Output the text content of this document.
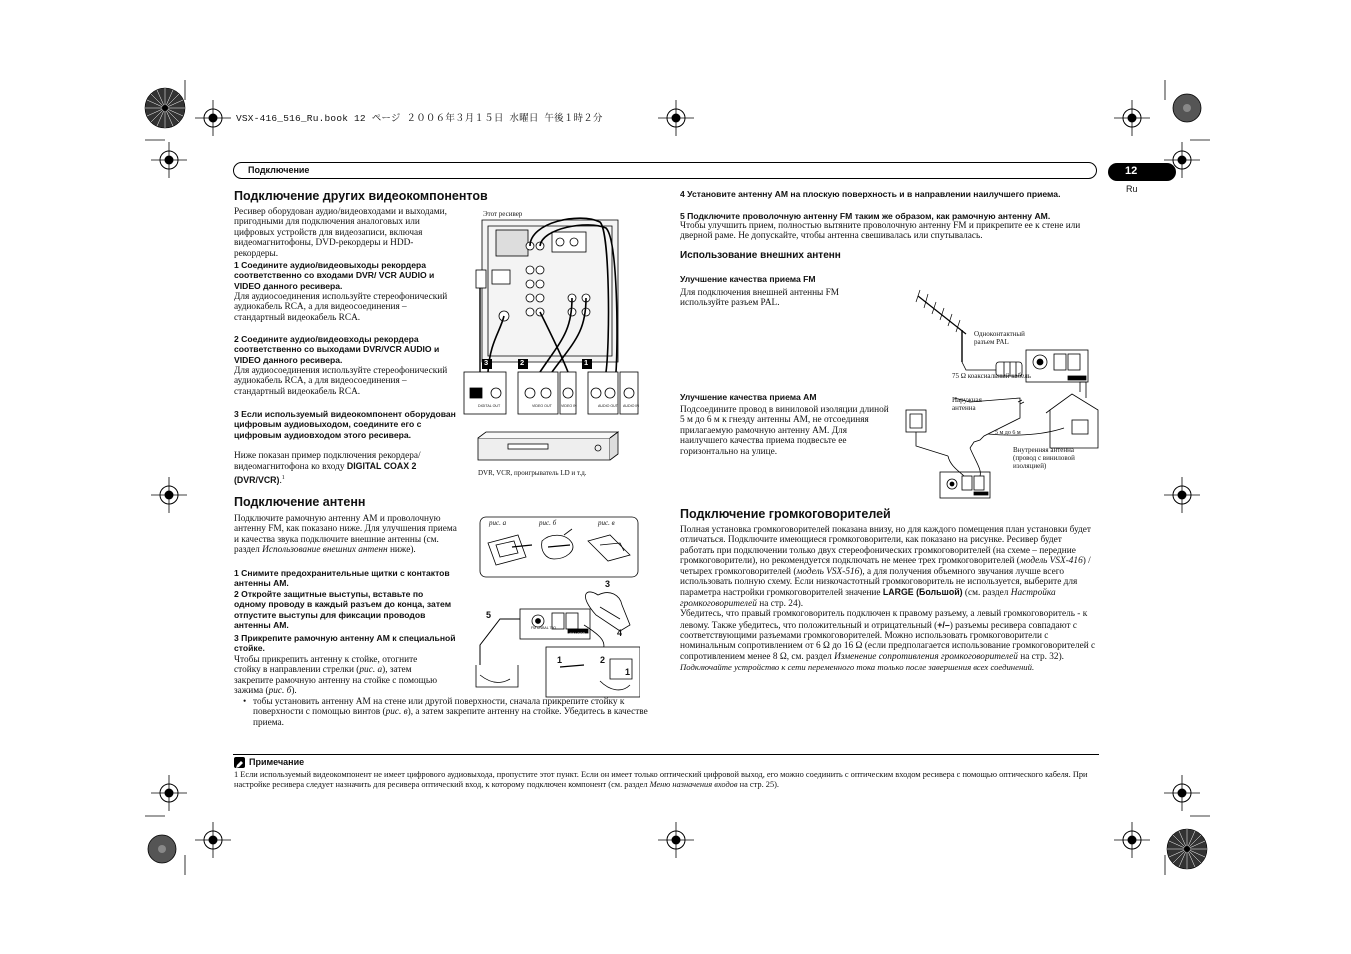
VSX-416_516_Ru.book 12 ページ ２００６年３月１５日 水曜日 午後１時２分
Подключение	12
Ru
Подключение других видеокомпонентов

Ресивер оборудован аудио/видеовходами и выходами, пригодными для подключения аналоговых или цифровых устройств для видеозаписи, включая видеомагнитофоны, DVD-рекордеры и HDD-рекордеры.

1 Соедините аудио/видеовыходы рекордера соответственно со входами DVR/ VCR AUDIO и VIDEO данного ресивера.

Для аудиосоединения используйте стереофонический аудиокабель RCA, а для видеосоединения – стандартный видеокабель RCA.

2 Соедините аудио/видеовходы рекордера соответственно со выходами DVR/VCR AUDIO и VIDEO данного ресивера.

Для аудиосоединения используйте стереофонический аудиокабель RCA, а для видеосоединения – стандартный видеокабель RCA.

3 Если используемый видеокомпонент оборудован цифровым аудиовыходом, соедините его с цифровым аудиовходом этого ресивера.

Ниже показан пример подключения рекордера/ видеомагнитофона ко входу DIGITAL COAX 2 (DVR/VCR).$^1$

Этот ресивер
3	2	1
DIGITAL OUT	VIDEO IN	AUDIO OUT
VIDEO OUT	AUDIO IN
DVR, VCR, проигрыватель LD и т.д.
Подключение антенн

Подключите рамочную антенну AM и проволочную антенну FM, как показано ниже. Для улучшения приема и качества звука подключите внешние антенны (см. раздел Использование внешних антенн ниже).

1 Снимите предохранительные щитки с контактов антенны AM.

2 Откройте защитные выступы, вставьте по одному проводу в каждый разъем до конца, затем отпустите выступы для фиксации проводов антенны AM.

3 Прикрепите рамочную антенну AM к специальной стойке.

Чтобы прикрепить антенну к стойке, отогните стойку в направлении стрелки (рис. а), затем закрепите рамочную антенну на стойке с помощью зажима (рис. б).

• тобы установить антенну AM на стене или другой поверхности, сначала прикрепите стойку к поверхности с помощью винтов (рис. в), а затем закрепите антенну на стойке. Убедитесь в качестве приема.

рис. а	рис. б	рис. в
3
5
4
1	2
1
FM UNBAL 75Ω
AM LOOP

4 Установите антенну AM на плоскую поверхность и в направлении наилучшего приема.

5 Подключите проволочную антенну FM таким же образом, как рамочную антенну AM.

Чтобы улучшить прием, полностью вытяните проволочную антенну FM и прикрепите ее к стене или дверной раме. Не допускайте, чтобы антенна свешивалась или спутывалась.

Использование внешних антенн
Улучшение качества приема FM

Для подключения внешней антенны FM используйте разъем PAL.

Улучшение качества приема AM

Подсоедините провод в виниловой изоляции длиной 5 м до 6 м к гнезду антенны AM, не отсоединяя прилагаемую рамочную антенну AM. Для наилучшего качества приема подвесьте ее горизонтально на улице.

Одноконтактный разъем PAL
75 Ω коаксиальный кабель
Наружная антенна
5 м до 6 м
Внутренняя антенна (провод с виниловой изоляцией)
Подключение громкоговорителей

Полная установка громкоговорителей показана внизу, но для каждого помещения план установки будет отличаться. Подключите имеющиеся громкоговорители, как показано на рисунке. Ресивер будет работать при подключении только двух стереофонических громкоговорителей (на схеме – передние громкоговорители), но рекомендуется подключать не менее трех громкоговорителей (модель VSX-416) / четырех громкоговорителей (модель VSX-516), а для получения объемного звучания лучше всего использовать полную схему. Если низкочастотный громкоговоритель не используется, выберите для параметра настройки громкоговорителей значение LARGE (Большой) (см. раздел Настройка громкоговорителей на стр. 24).

Убедитесь, что правый громкоговоритель подключен к правому разъему, а левый громкоговоритель - к левому. Также убедитесь, что положительный и отрицательный (+/–) разъемы ресивера совпадают с соответствующими разъемами громкоговорителей. Можно использовать громкоговорители с номинальным сопротивлением от 6 Ω до 16 Ω (если предполагается использование громкоговорителей с сопротивлением менее 8 Ω, см. раздел Изменение сопротивления громкоговорителей на стр. 32).

Подключайте устройство к сети переменного тока только после завершения всех соединений.

Примечание

1 Если используемый видеокомпонент не имеет цифрового аудиовыхода, пропустите этот пункт. Если он имеет только оптический цифровой выход, его можно соединить с оптическим входом ресивера с помощью оптического кабеля. При настройке ресивера следует назначить для ресивера оптический вход, к которому подключен компонент (см. раздел Меню назначения входов на стр. 25).
